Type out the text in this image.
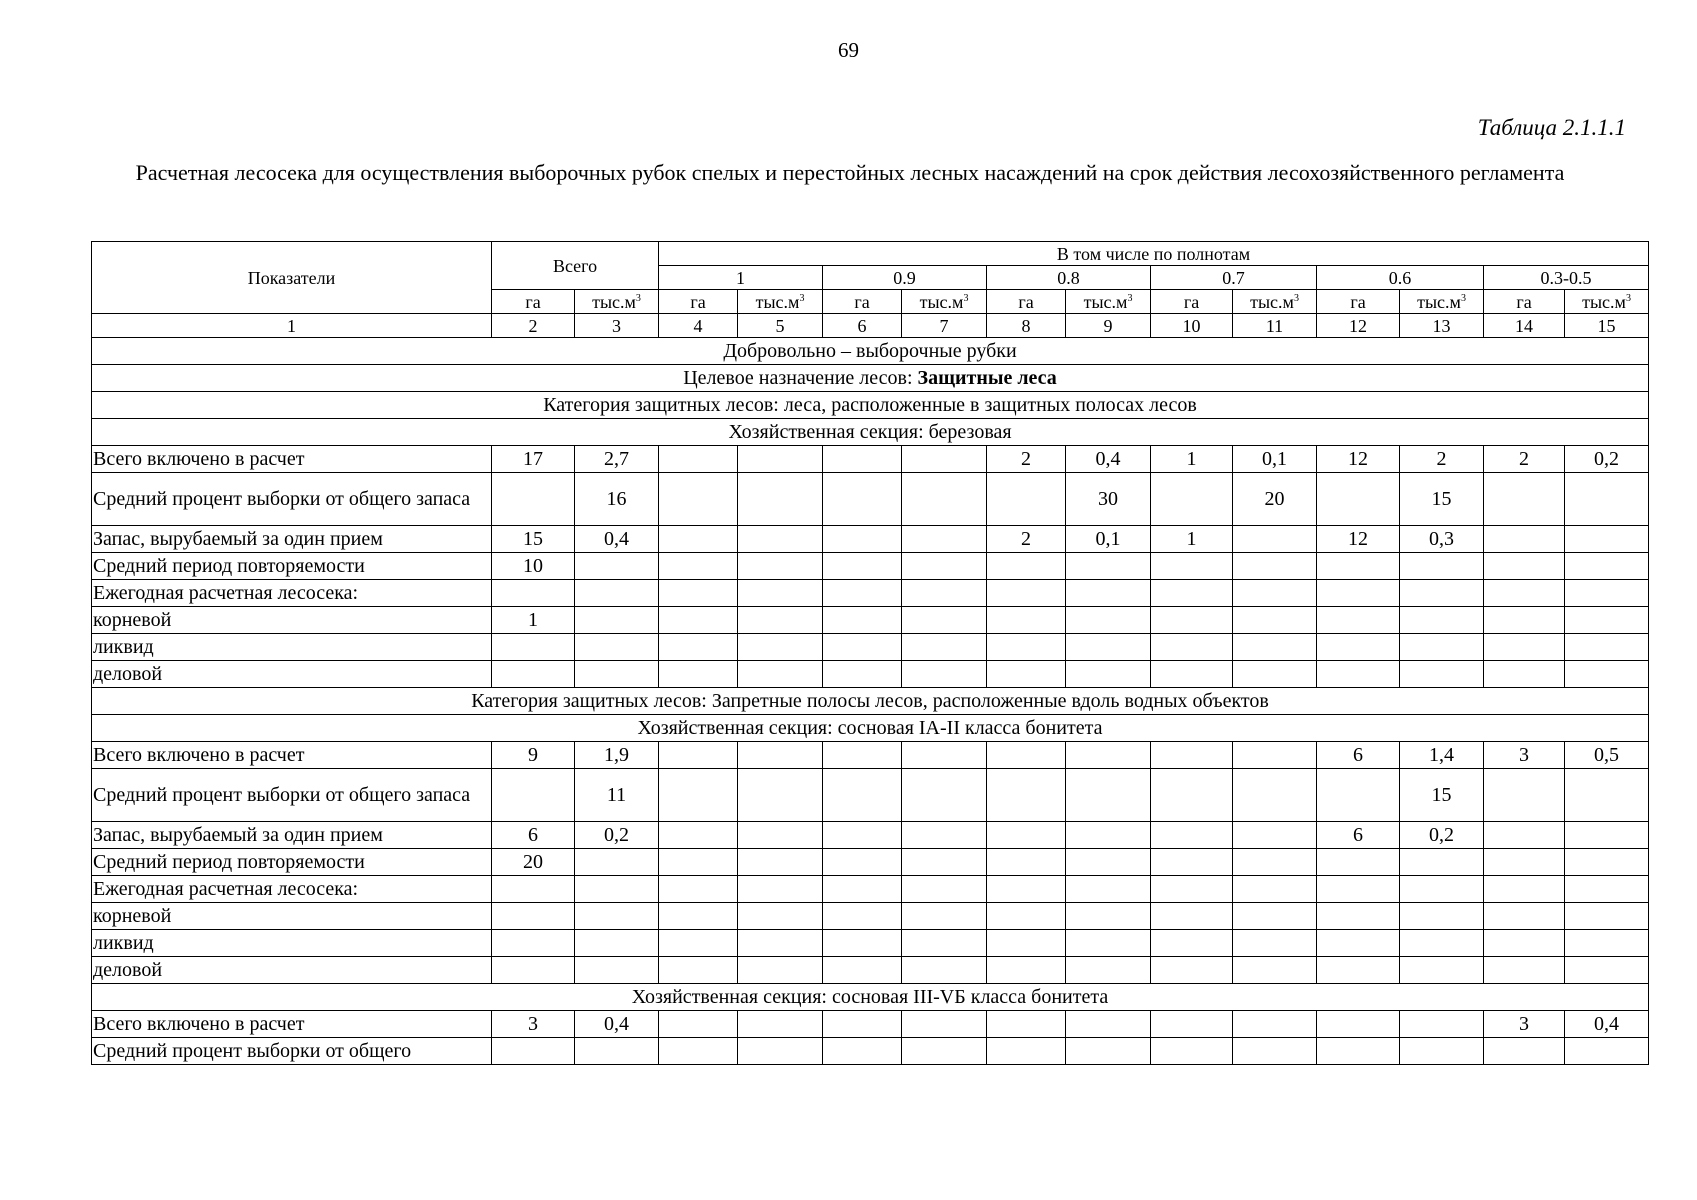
69
Таблица 2.1.1.1
Расчетная лесосека для осуществления выборочных рубок спелых и перестойных лесных насаждений на срок действия лесохозяйственного регламента
Показатели	Всего		В том числе по полнотам											
			1		0.9		0.8		0.7		0.6		0.3-0.5	
	га	$тыс.м^3$	га	$тыс.м^3$	га	$тыс.м^3$	га	$тыс.м^3$	га	$тыс.м^3$	га	$тыс.м^3$	га	$тыс.м^3$
1	2	3	4	5	6	7	8	9	10	11	12	13	14	15
Добровольно – выборочные рубки														
Целевое назначение лесов: Защитные леса														
Категория защитных лесов: леса, расположенные в защитных полосах лесов														
Хозяйственная секция: березовая														
Всего включено в расчет	17	2,7					2	0,4	1	0,1	12	2	2	0,2
Средний процент выборки от общего запаса		16						30		20		15		
Запас, вырубаемый за один прием	15	0,4					2	0,1	1		12	0,3		
Средний период повторяемости	10													
Ежегодная расчетная лесосека:														
корневой	1													
ликвид														
деловой														
Категория защитных лесов: Запретные полосы лесов, расположенные вдоль водных объектов														
Хозяйственная секция: сосновая IA-II класса бонитета														
Всего включено в расчет	9	1,9									6	1,4	3	0,5
Средний процент выборки от общего запаса		11										15		
Запас, вырубаемый за один прием	6	0,2									6	0,2		
Средний период повторяемости	20													
Ежегодная расчетная лесосека:														
корневой														
ликвид														
деловой														
Хозяйственная секция: сосновая III-VБ класса бонитета														
Всего включено в расчет	3	0,4											3	0,4
Средний процент выборки от общего														
